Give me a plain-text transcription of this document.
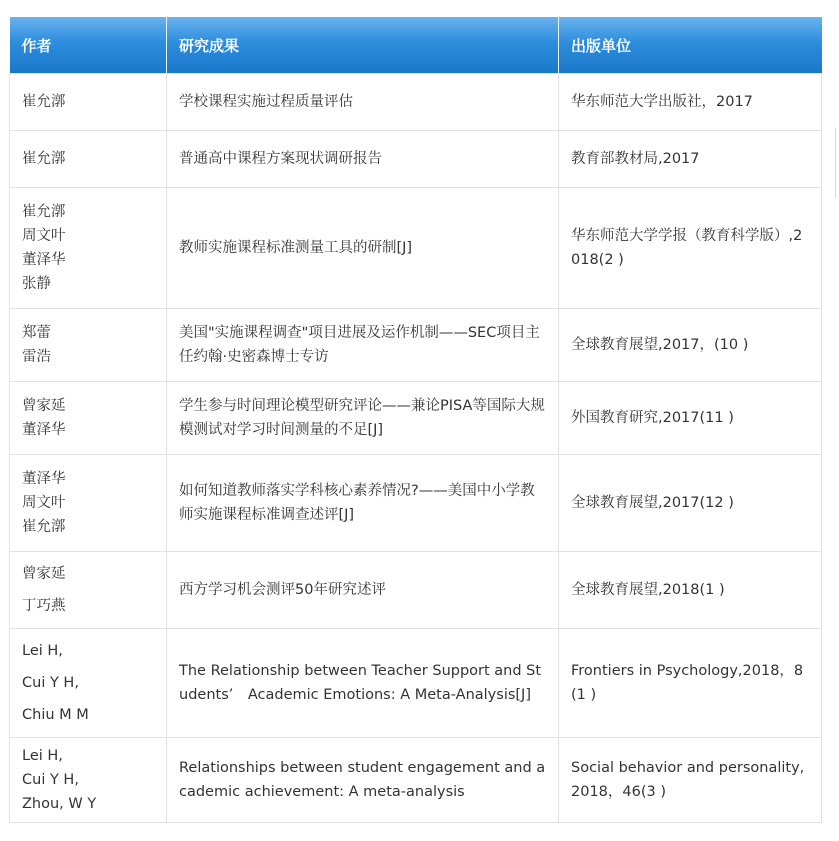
作者	研究成果	出版单位

崔允漷	学校课程实施过程质量评估	华东师范大学出版社，2017

崔允漷	普通高中课程方案现状调研报告	教育部教材局,2017

崔允漷
周文叶
董泽华
张静	教师实施课程标准测量工具的研制[J]	华东师范大学学报（教育科学版）,2018(2 )

郑蕾
雷浩	美国"实施课程调查"项目进展及运作机制——SEC项目主任约翰·史密森博士专访	全球教育展望,2017，(10 )

曾家延
董泽华	学生参与时间理论模型研究评论——兼论PISA等国际大规模测试对学习时间测量的不足[J]	外国教育研究,2017(11 )

董泽华
周文叶
崔允漷	如何知道教师落实学科核心素养情况?——美国中小学教师实施课程标准调查述评[J]	全球教育展望,2017(12 )

曾家延
丁巧燕	西方学习机会测评50年研究述评	全球教育展望,2018(1 )

Lei H,
Cui Y H,
Chiu M M	The Relationship between Teacher Support and Students’　Academic Emotions: A Meta-Analysis[J]	Frontiers in Psychology,2018，8(1 )

Lei H,
Cui Y H,
Zhou, W Y	Relationships between student engagement and academic achievement: A meta-analysis	Social behavior and personality,2018，46(3 )
